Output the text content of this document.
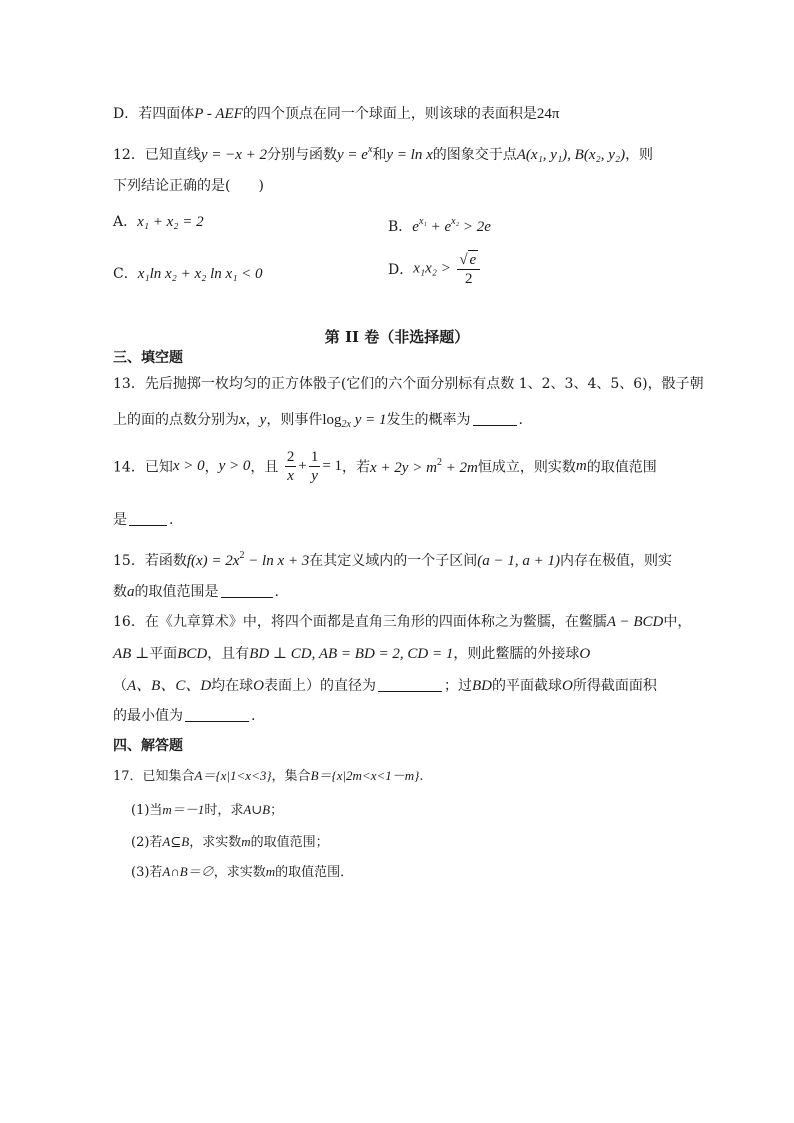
D．若四面体P - AEF的四个顶点在同一个球面上，则该球的表面积是24π
12．已知直线y = −x + 2分别与函数$y = e^x$和y = ln x的图象交于点A(x₁, y₁), B(x₂, y₂)，则
下列结论正确的是(　　)
A．x₁ + x₂ = 2	B．$e^{x_1} + e^{x_2} > 2e$
C．x₁ln x₂ + x₂ ln x₁ < 0	D．$x_1x_2 > \frac{√ e}{2}$
第 II 卷（非选择题）
三、填空题
13．先后抛掷一枚均匀的正方体骰子(它们的六个面分别标有点数 1、2、3、4、5、6)，骰子朝
上的面的点数分别为x，y，则事件$\log_{2x} y = 1$发生的概率为	.
14．已知x > 0，y > 0，且 $\frac{2}{x} + \frac{1}{y} = 1$，若$x + 2y > m^2 + 2m$恒成立，则实数m的取值范围
是	.
15．若函数$f(x) = 2x^2 - \ln x + 3$在其定义域内的一个子区间(a − 1, a + 1)内存在极值，则实
数a的取值范围是	.
16．在《九章算术》中，将四个面都是直角三角形的四面体称之为鳖臑，在鳖臑A − BCD中，
AB ⊥平面BCD，且有BD ⊥ CD, AB = BD = 2, CD = 1，则此鳖臑的外接球O
（A、B、C、D均在球O表面上）的直径为	；过BD的平面截球O所得截面面积
的最小值为	.
四、解答题
17．已知集合A＝{x|1<x<3}，集合B＝{x|2m<x<1－m}.
(1)当m＝－1时，求A∪B；
(2)若A⊆B，求实数m的取值范围；
(3)若A∩B＝∅，求实数m的取值范围．
